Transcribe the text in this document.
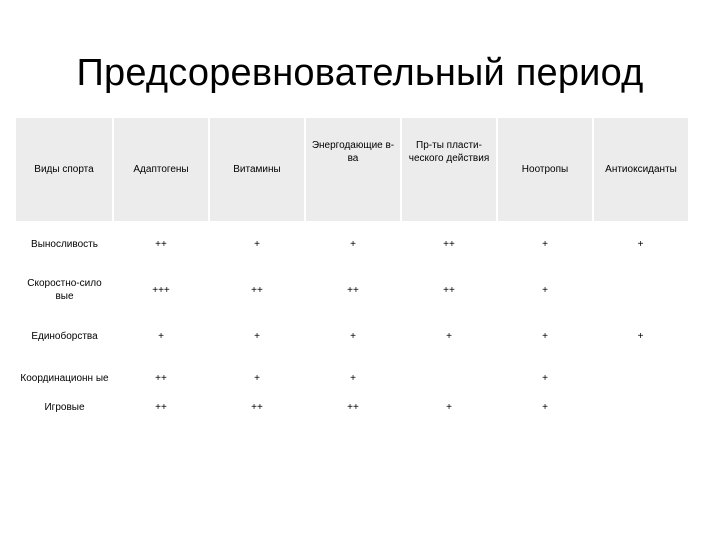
Предсоревновательный период
Виды спорта	Адаптогены	Витамины	Энергодающие в-ва	Пр-ты пласти-ческого действия	Ноотропы	Антиоксиданты
Выносливость	++	+	+	++	+	+
Скоростно-сило вые	+++	++	++	++	+	
Единоборства	+	+	+	+	+	+
Координационн ые	++	+	+		+	
Игровые	++	++	++	+	+	
